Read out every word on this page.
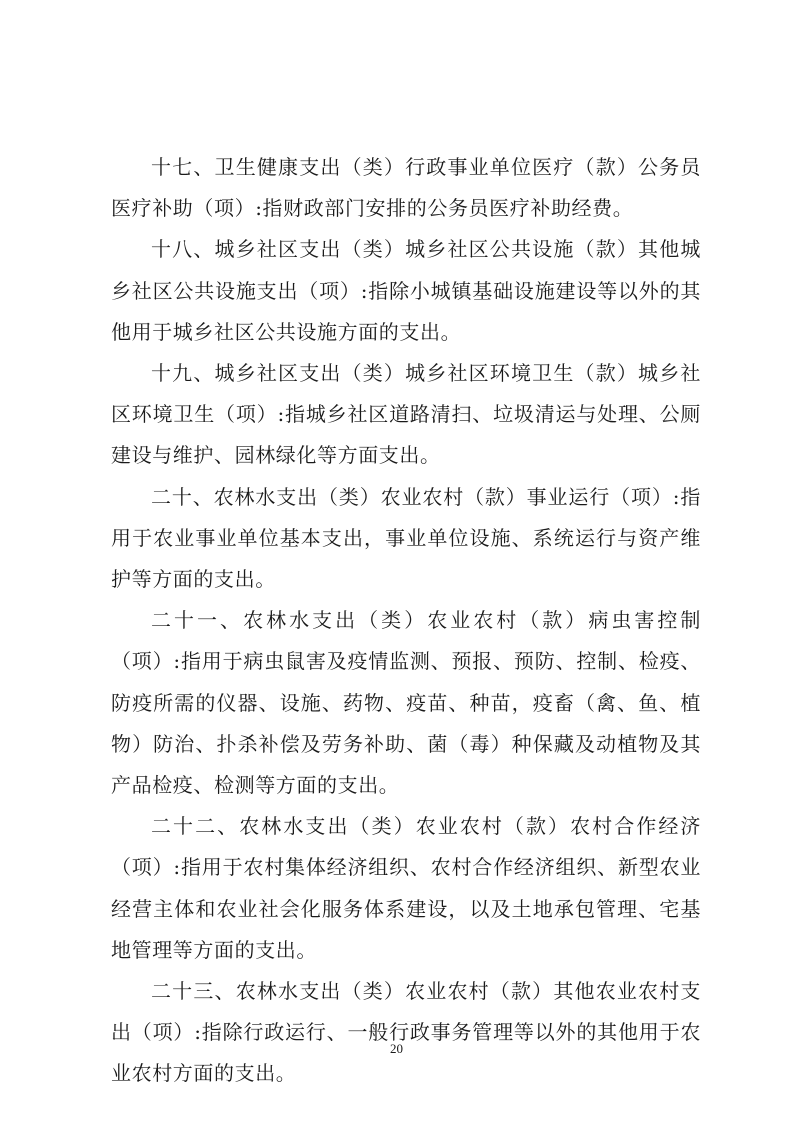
十七、卫生健康支出（类）行政事业单位医疗（款）公务员医疗补助（项）:指财政部门安排的公务员医疗补助经费。

十八、城乡社区支出（类）城乡社区公共设施（款）其他城乡社区公共设施支出（项）:指除小城镇基础设施建设等以外的其他用于城乡社区公共设施方面的支出。

十九、城乡社区支出（类）城乡社区环境卫生（款）城乡社区环境卫生（项）:指城乡社区道路清扫、垃圾清运与处理、公厕建设与维护、园林绿化等方面支出。

二十、农林水支出（类）农业农村（款）事业运行（项）:指用于农业事业单位基本支出，事业单位设施、系统运行与资产维护等方面的支出。

二十一、农林水支出（类）农业农村（款）病虫害控制（项）:指用于病虫鼠害及疫情监测、预报、预防、控制、检疫、防疫所需的仪器、设施、药物、疫苗、种苗，疫畜（禽、鱼、植物）防治、扑杀补偿及劳务补助、菌（毒）种保藏及动植物及其产品检疫、检测等方面的支出。

二十二、农林水支出（类）农业农村（款）农村合作经济（项）:指用于农村集体经济组织、农村合作经济组织、新型农业经营主体和农业社会化服务体系建设，以及土地承包管理、宅基地管理等方面的支出。

二十三、农林水支出（类）农业农村（款）其他农业农村支出（项）:指除行政运行、一般行政事务管理等以外的其他用于农业农村方面的支出。

20
